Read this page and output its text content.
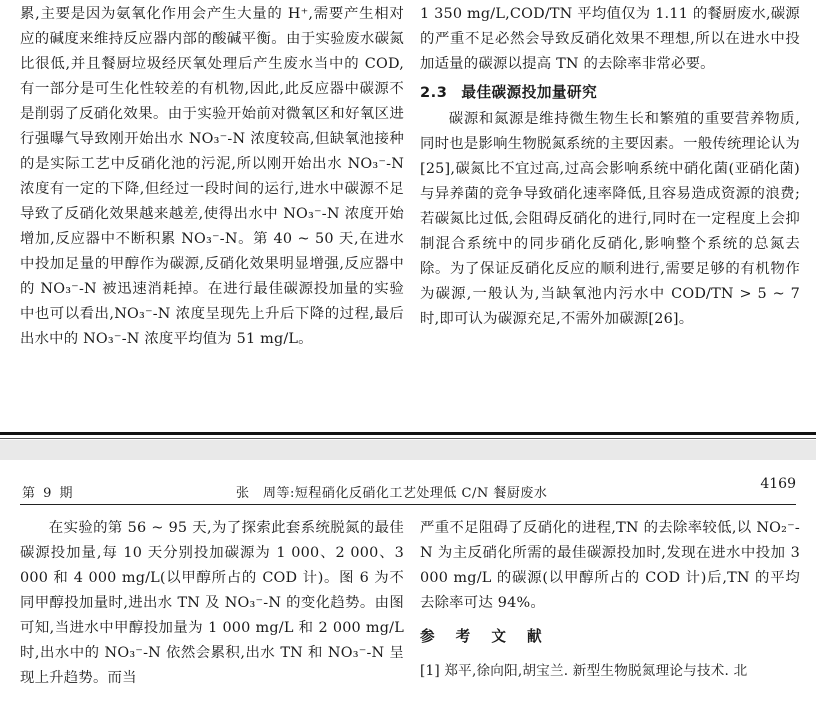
累,主要是因为氨氧化作用会产生大量的 H⁺,需要产生相对应的碱度来维持反应器内部的酸碱平衡。由于实验废水碳氮比很低,并且餐厨垃圾经厌氧处理后产生废水当中的 COD,有一部分是可生化性较差的有机物,因此,此反应器中碳源不是削弱了反硝化效果。由于实验开始前对微氧区和好氧区进行强曝气导致刚开始出水 NO₃⁻-N 浓度较高,但缺氧池接种的是实际工艺中反硝化池的污泥,所以刚开始出水 NO₃⁻-N 浓度有一定的下降,但经过一段时间的运行,进水中碳源不足导致了反硝化效果越来越差,使得出水中 NO₃⁻-N 浓度开始增加,反应器中不断积累 NO₃⁻-N。第 40 ~ 50 天,在进水中投加足量的甲醇作为碳源,反硝化效果明显增强,反应器中的 NO₃⁻-N 被迅速消耗掉。在进行最佳碳源投加量的实验中也可以看出,NO₃⁻-N 浓度呈现先上升后下降的过程,最后出水中的 NO₃⁻-N 浓度平均值为 51 mg/L。

1 350 mg/L,COD/TN 平均值仅为 1.11 的餐厨废水,碳源的严重不足必然会导致反硝化效果不理想,所以在进水中投加适量的碳源以提高 TN 的去除率非常必要。

2.3 最佳碳源投加量研究

碳源和氮源是维持微生物生长和繁殖的重要营养物质,同时也是影响生物脱氮系统的主要因素。一般传统理论认为[25],碳氮比不宜过高,过高会影响系统中硝化菌(亚硝化菌)与异养菌的竞争导致硝化速率降低,且容易造成资源的浪费;若碳氮比过低,会阻碍反硝化的进行,同时在一定程度上会抑制混合系统中的同步硝化反硝化,影响整个系统的总氮去除。为了保证反硝化反应的顺利进行,需要足够的有机物作为碳源,一般认为,当缺氧池内污水中 COD/TN > 5 ~ 7 时,即可认为碳源充足,不需外加碳源[26]。

第 9 期	张　周等:短程硝化反硝化工艺处理低 C/N 餐厨废水
4169

在实验的第 56 ~ 95 天,为了探索此套系统脱氮的最佳碳源投加量,每 10 天分别投加碳源为 1 000、2 000、3 000 和 4 000 mg/L(以甲醇所占的 COD 计)。图 6 为不同甲醇投加量时,进出水 TN 及 NO₃⁻-N 的变化趋势。由图可知,当进水中甲醇投加量为 1 000 mg/L 和 2 000 mg/L 时,出水中的 NO₃⁻-N 依然会累积,出水 TN 和 NO₃⁻-N 呈现上升趋势。而当

严重不足阻碍了反硝化的进程,TN 的去除率较低,以 NO₂⁻-N 为主反硝化所需的最佳碳源投加时,发现在进水中投加 3 000 mg/L 的碳源(以甲醇所占的 COD 计)后,TN 的平均去除率可达 94%。

参 考 文 献

[1] 郑平,徐向阳,胡宝兰. 新型生物脱氮理论与技术. 北
